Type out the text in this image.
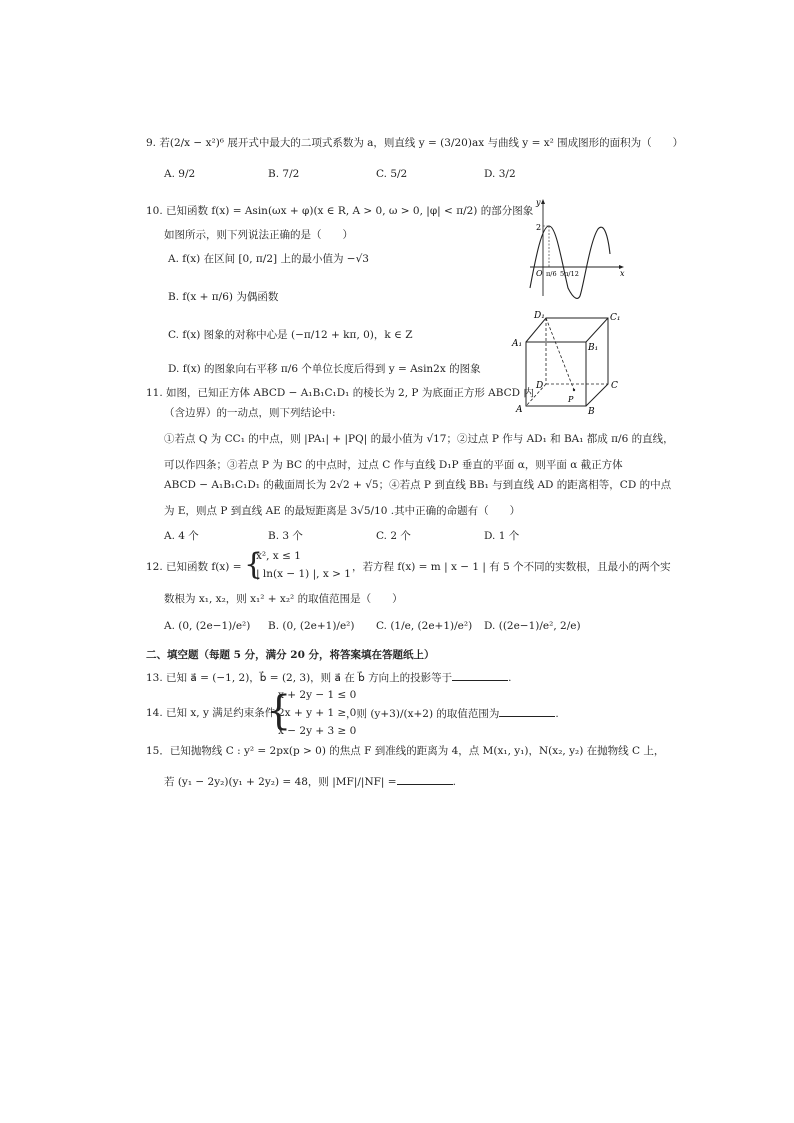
9. 若(2/x − x²)⁶ 展开式中最大的二项式系数为 a，则直线 y = (3/20)ax 与曲线 y = x² 围成图形的面积为（　　）
A. 9/2	B. 7/2	C. 5/2	D. 3/2
10. 已知函数 f(x) = Asin(ωx + φ)(x ∈ R, A > 0, ω > 0, |φ| < π/2) 的部分图象
如图所示，则下列说法正确的是（　　）
A. f(x) 在区间 [0, π/2] 上的最小值为 −√3
B. f(x + π/6) 为偶函数
C. f(x) 图象的对称中心是 (−π/12 + kπ, 0)，k ∈ Z
D. f(x) 的图象向右平移 π/6 个单位长度后得到 y = Asin2x 的图象
y
x
2
O π/6 5π/12
D₁	C₁
A₁	B₁
D	C
A	B
P
11. 如图，已知正方体 ABCD − A₁B₁C₁D₁ 的棱长为 2, P 为底面正方形 ABCD 内
（含边界）的一动点，则下列结论中:
①若点 Q 为 CC₁ 的中点，则 |PA₁| + |PQ| 的最小值为 √17；②过点 P 作与 AD₁ 和 BA₁ 都成 π/6 的直线，
可以作四条；③若点 P 为 BC 的中点时，过点 C 作与直线 D₁P 垂直的平面 α，则平面 α 截正方体
ABCD − A₁B₁C₁D₁ 的截面周长为 2√2 + √5；④若点 P 到直线 BB₁ 与到直线 AD 的距离相等，CD 的中点
为 E，则点 P 到直线 AE 的最短距离是 3√5/10 .其中正确的命题有（　　）
A. 4 个	B. 3 个	C. 2 个	D. 1 个
12. 已知函数 f(x) = {
x², x ≤ 1
| ln(x − 1) |, x > 1
，若方程 f(x) = m | x − 1 | 有 5 个不同的实数根，且最小的两个实
数根为 x₁, x₂，则 x₁² + x₂² 的取值范围是（　　）
A. (0, (2e−1)/e²) B. (0, (2e+1)/e²) C. (1/e, (2e+1)/e²) D. ((2e−1)/e², 2/e)
二、填空题（每题 5 分，满分 20 分，将答案填在答题纸上）
13. 已知 a⃗ = (−1, 2)，b⃗ = (2, 3)，则 a⃗ 在 b⃗ 方向上的投影等于	.
14. 已知 x, y 满足约束条件
{
x + 2y − 1 ≤ 0
2x + y + 1 ≥ 0
x − 2y + 3 ≥ 0
，则 (y+3)/(x+2) 的取值范围为	.
15．已知抛物线 C : y² = 2px(p > 0) 的焦点 F 到准线的距离为 4，点 M(x₁, y₁)，N(x₂, y₂) 在抛物线 C 上，
若 (y₁ − 2y₂)(y₁ + 2y₂) = 48，则 |MF|/|NF| =	.
